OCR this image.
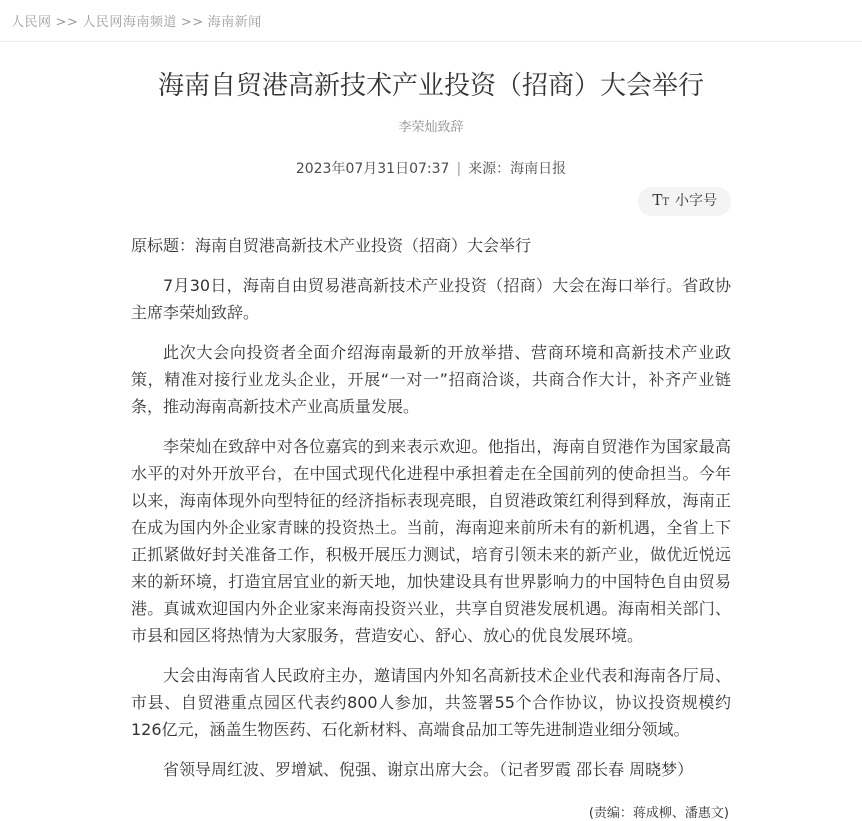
人民网 >> 人民网海南频道 >> 海南新闻
海南自贸港高新技术产业投资（招商）大会举行
李荣灿致辞
2023年07月31日07:37 | 来源：海南日报
TT 小字号

原标题：海南自贸港高新技术产业投资（招商）大会举行

7月30日，海南自由贸易港高新技术产业投资（招商）大会在海口举行。省政协主席李荣灿致辞。

此次大会向投资者全面介绍海南最新的开放举措、营商环境和高新技术产业政策，精准对接行业龙头企业，开展“一对一”招商洽谈，共商合作大计，补齐产业链条，推动海南高新技术产业高质量发展。

李荣灿在致辞中对各位嘉宾的到来表示欢迎。他指出，海南自贸港作为国家最高水平的对外开放平台，在中国式现代化进程中承担着走在全国前列的使命担当。今年以来，海南体现外向型特征的经济指标表现亮眼，自贸港政策红利得到释放，海南正在成为国内外企业家青睐的投资热土。当前，海南迎来前所未有的新机遇，全省上下正抓紧做好封关准备工作，积极开展压力测试，培育引领未来的新产业，做优近悦远来的新环境，打造宜居宜业的新天地，加快建设具有世界影响力的中国特色自由贸易港。真诚欢迎国内外企业家来海南投资兴业，共享自贸港发展机遇。海南相关部门、市县和园区将热情为大家服务，营造安心、舒心、放心的优良发展环境。

大会由海南省人民政府主办，邀请国内外知名高新技术企业代表和海南各厅局、市县、自贸港重点园区代表约800人参加，共签署55个合作协议，协议投资规模约126亿元，涵盖生物医药、石化新材料、高端食品加工等先进制造业细分领域。

省领导周红波、罗增斌、倪强、谢京出席大会。（记者罗霞 邵长春 周晓梦）

(责编：蒋成柳、潘惠文)
